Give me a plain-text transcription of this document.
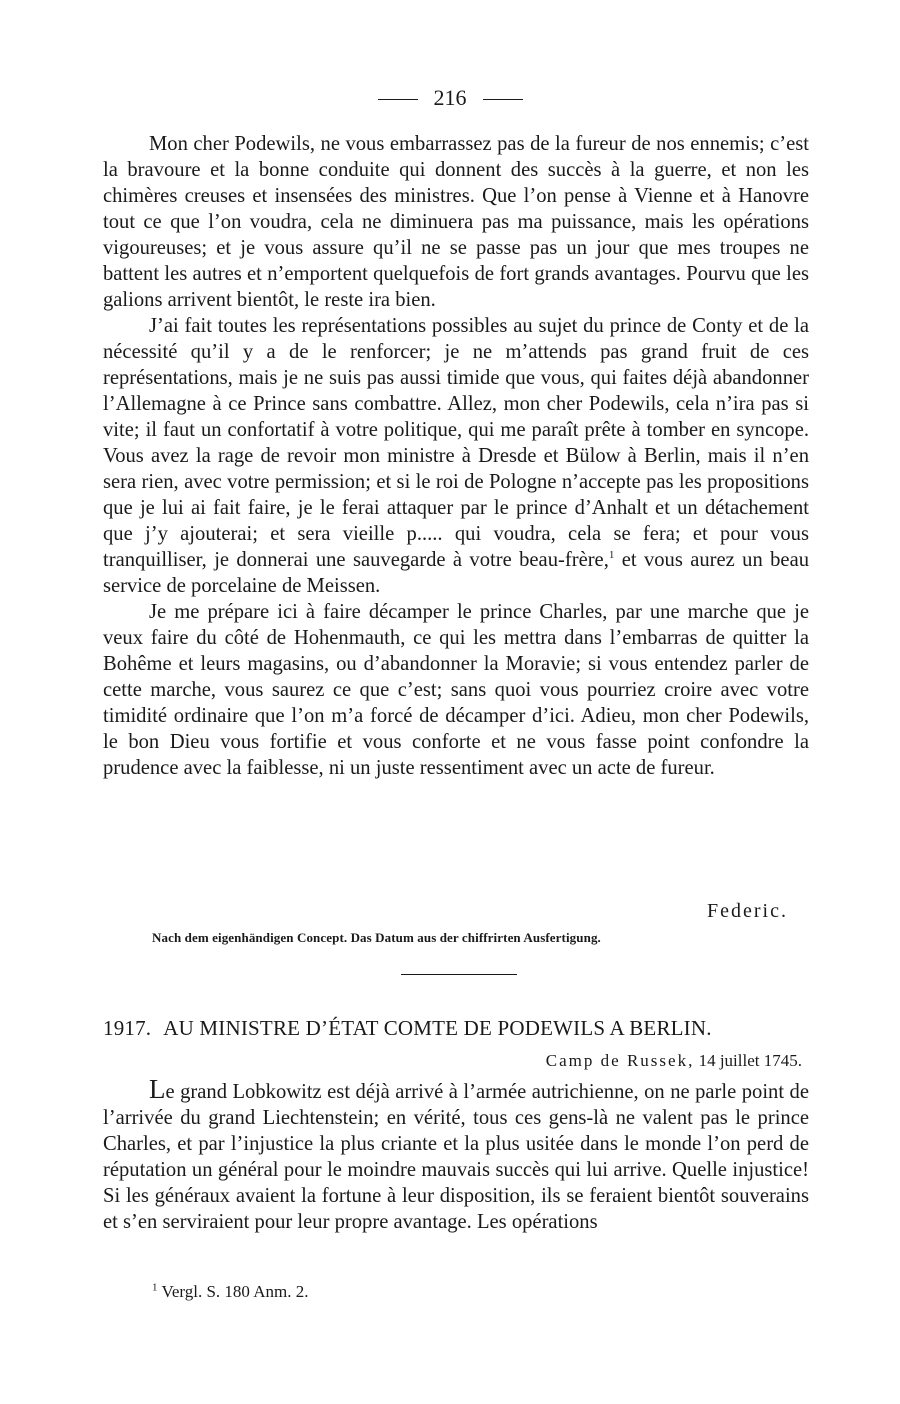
216

Mon cher Podewils, ne vous embarrassez pas de la fureur de nos ennemis; c’est la bravoure et la bonne conduite qui donnent des succès à la guerre, et non les chimères creuses et insensées des ministres. Que l’on pense à Vienne et à Hanovre tout ce que l’on voudra, cela ne diminuera pas ma puissance, mais les opérations vigoureuses; et je vous assure qu’il ne se passe pas un jour que mes troupes ne battent les autres et n’emportent quelquefois de fort grands avantages. Pourvu que les galions arrivent bientôt, le reste ira bien.

J’ai fait toutes les représentations possibles au sujet du prince de Conty et de la nécessité qu’il y a de le renforcer; je ne m’attends pas grand fruit de ces représentations, mais je ne suis pas aussi timide que vous, qui faites déjà abandonner l’Allemagne à ce Prince sans combattre. Allez, mon cher Podewils, cela n’ira pas si vite; il faut un confortatif à votre politique, qui me paraît prête à tomber en syncope. Vous avez la rage de revoir mon ministre à Dresde et Bülow à Berlin, mais il n’en sera rien, avec votre permission; et si le roi de Pologne n’accepte pas les propositions que je lui ai fait faire, je le ferai attaquer par le prince d’Anhalt et un détachement que j’y ajouterai; et sera vieille p..... qui voudra, cela se fera; et pour vous tranquilliser, je donnerai une sauvegarde à votre beau-frère,$^1$ et vous aurez un beau service de porcelaine de Meissen.

Je me prépare ici à faire décamper le prince Charles, par une marche que je veux faire du côté de Hohenmauth, ce qui les mettra dans l’embarras de quitter la Bohême et leurs magasins, ou d’abandonner la Moravie; si vous entendez parler de cette marche, vous saurez ce que c’est; sans quoi vous pourriez croire avec votre timidité ordinaire que l’on m’a forcé de décamper d’ici. Adieu, mon cher Podewils, le bon Dieu vous fortifie et vous conforte et ne vous fasse point confondre la prudence avec la faiblesse, ni un juste ressentiment avec un acte de fureur.

Federic.
Nach dem eigenhändigen Concept. Das Datum aus der chiffrirten Ausfertigung.
1917. AU MINISTRE D’ÉTAT COMTE DE PODEWILS A BERLIN.
Camp de Russek, 14 juillet 1745.

Le grand Lobkowitz est déjà arrivé à l’armée autrichienne, on ne parle point de l’arrivée du grand Liechtenstein; en vérité, tous ces gens-là ne valent pas le prince Charles, et par l’injustice la plus criante et la plus usitée dans le monde l’on perd de réputation un général pour le moindre mauvais succès qui lui arrive. Quelle injustice! Si les généraux avaient la fortune à leur disposition, ils se feraient bientôt souverains et s’en serviraient pour leur propre avantage. Les opérations

$^1$ Vergl. S. 180 Anm. 2.
